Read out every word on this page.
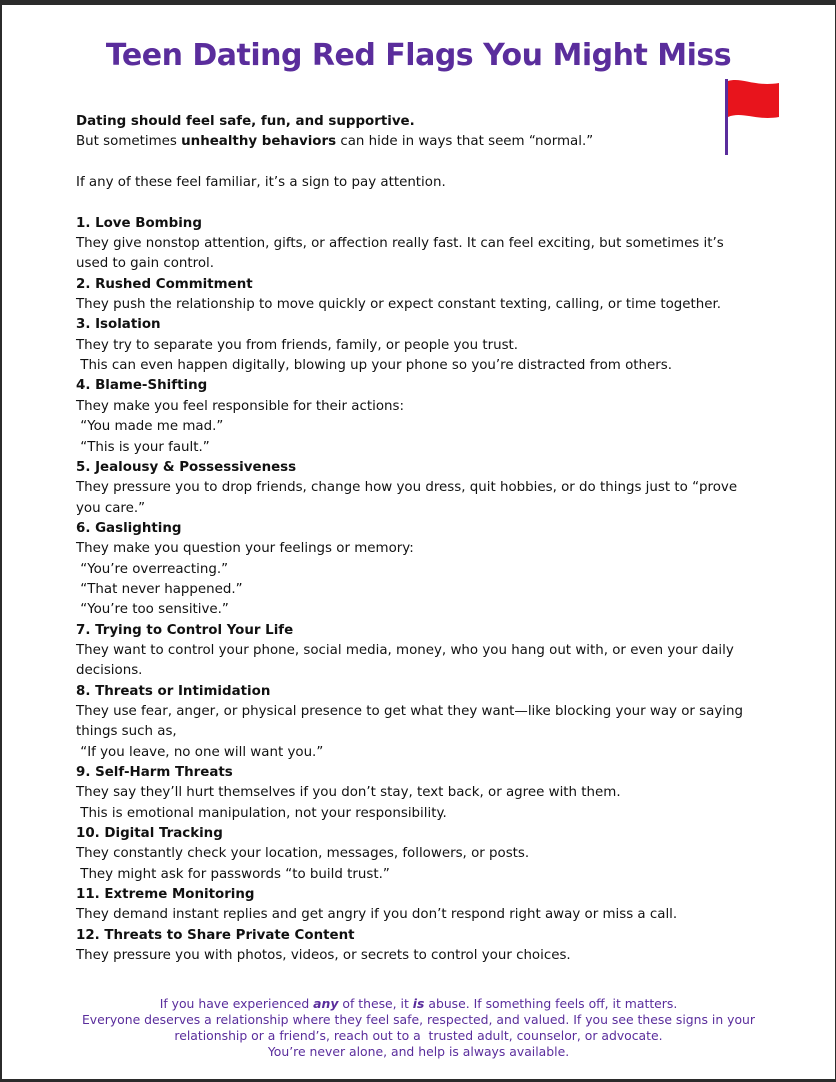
Teen Dating Red Flags You Might Miss
Dating should feel safe, fun, and supportive.
But sometimes unhealthy behaviors can hide in ways that seem “normal.”
If any of these feel familiar, it’s a sign to pay attention.
1. Love Bombing
They give nonstop attention, gifts, or affection really fast. It can feel exciting, but sometimes it’s
used to gain control.
2. Rushed Commitment
They push the relationship to move quickly or expect constant texting, calling, or time together.
3. Isolation
They try to separate you from friends, family, or people you trust.
This can even happen digitally, blowing up your phone so you’re distracted from others.
4. Blame-Shifting
They make you feel responsible for their actions:
“You made me mad.”
“This is your fault.”
5. Jealousy & Possessiveness
They pressure you to drop friends, change how you dress, quit hobbies, or do things just to “prove
you care.”
6. Gaslighting
They make you question your feelings or memory:
“You’re overreacting.”
“That never happened.”
“You’re too sensitive.”
7. Trying to Control Your Life
They want to control your phone, social media, money, who you hang out with, or even your daily
decisions.
8. Threats or Intimidation
They use fear, anger, or physical presence to get what they want—like blocking your way or saying
things such as,
“If you leave, no one will want you.”
9. Self-Harm Threats
They say they’ll hurt themselves if you don’t stay, text back, or agree with them.
This is emotional manipulation, not your responsibility.
10. Digital Tracking
They constantly check your location, messages, followers, or posts.
They might ask for passwords “to build trust.”
11. Extreme Monitoring
They demand instant replies and get angry if you don’t respond right away or miss a call.
12. Threats to Share Private Content
They pressure you with photos, videos, or secrets to control your choices.
If you have experienced any of these, it is abuse. If something feels off, it matters.
Everyone deserves a relationship where they feel safe, respected, and valued. If you see these signs in your
relationship or a friend’s, reach out to a  trusted adult, counselor, or advocate.
You’re never alone, and help is always available.
